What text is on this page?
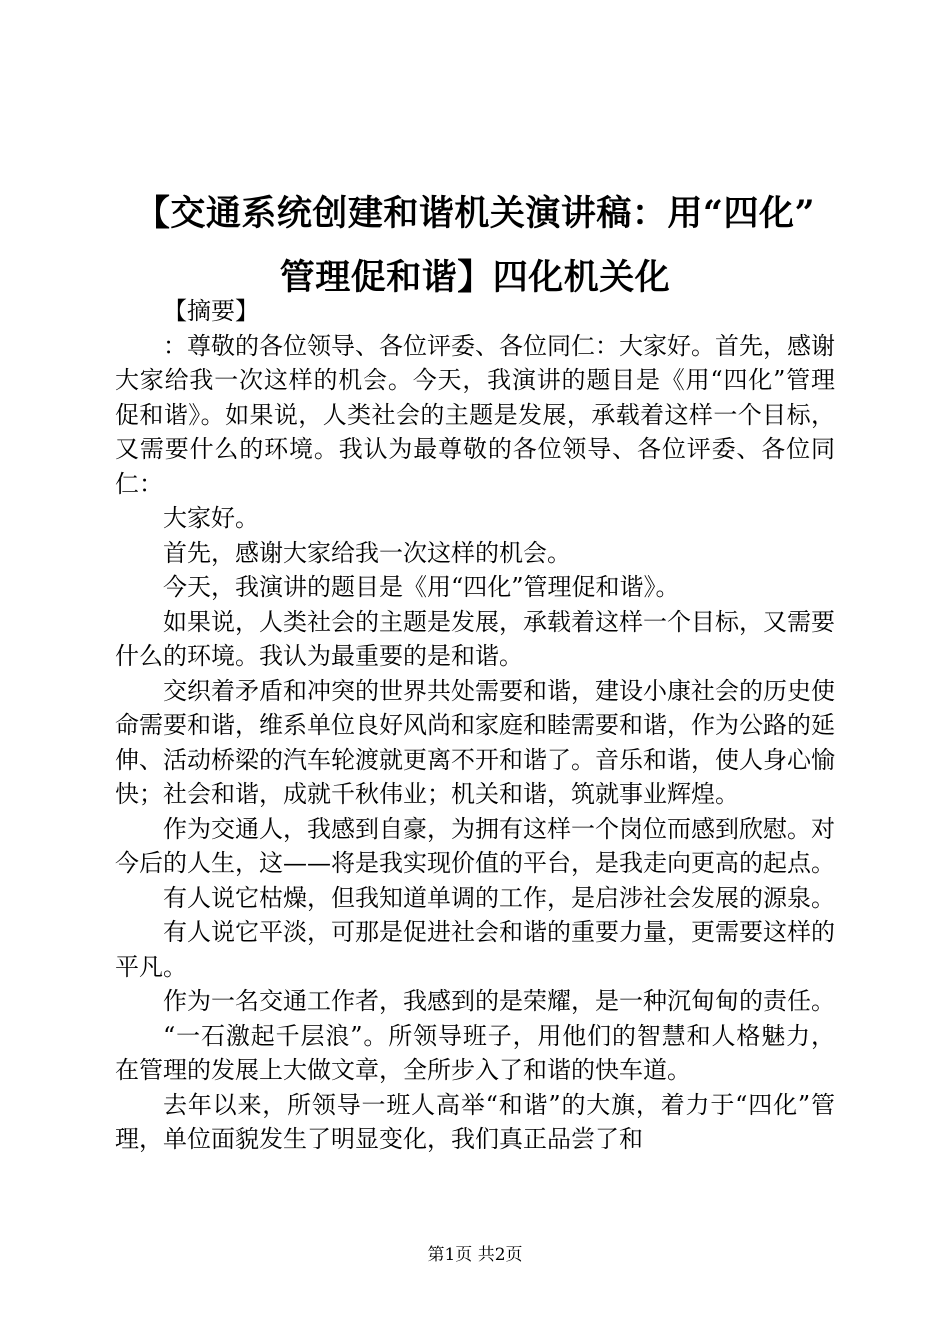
【交通系统创建和谐机关演讲稿：用“四化”
管理促和谐】四化机关化

【摘要】

：尊敬的各位领导、各位评委、各位同仁：大家好。首先，感谢大家给我一次这样的机会。今天，我演讲的题目是《用“四化”管理促和谐》。如果说，人类社会的主题是发展，承载着这样一个目标，又需要什么的环境。我认为最尊敬的各位领导、各位评委、各位同仁：

大家好。

首先，感谢大家给我一次这样的机会。

今天，我演讲的题目是《用“四化”管理促和谐》。

如果说，人类社会的主题是发展，承载着这样一个目标，又需要什么的环境。我认为最重要的是和谐。

交织着矛盾和冲突的世界共处需要和谐，建设小康社会的历史使命需要和谐，维系单位良好风尚和家庭和睦需要和谐，作为公路的延伸、活动桥梁的汽车轮渡就更离不开和谐了。音乐和谐，使人身心愉快；社会和谐，成就千秋伟业；机关和谐，筑就事业辉煌。

作为交通人，我感到自豪，为拥有这样一个岗位而感到欣慰。对今后的人生，这——将是我实现价值的平台，是我走向更高的起点。

有人说它枯燥，但我知道单调的工作，是启涉社会发展的源泉。

有人说它平淡，可那是促进社会和谐的重要力量，更需要这样的平凡。

作为一名交通工作者，我感到的是荣耀，是一种沉甸甸的责任。

“一石激起千层浪”。所领导班子，用他们的智慧和人格魅力，在管理的发展上大做文章，全所步入了和谐的快车道。

去年以来，所领导一班人高举“和谐”的大旗，着力于“四化”管理，单位面貌发生了明显变化，我们真正品尝了和

第1页 共2页
